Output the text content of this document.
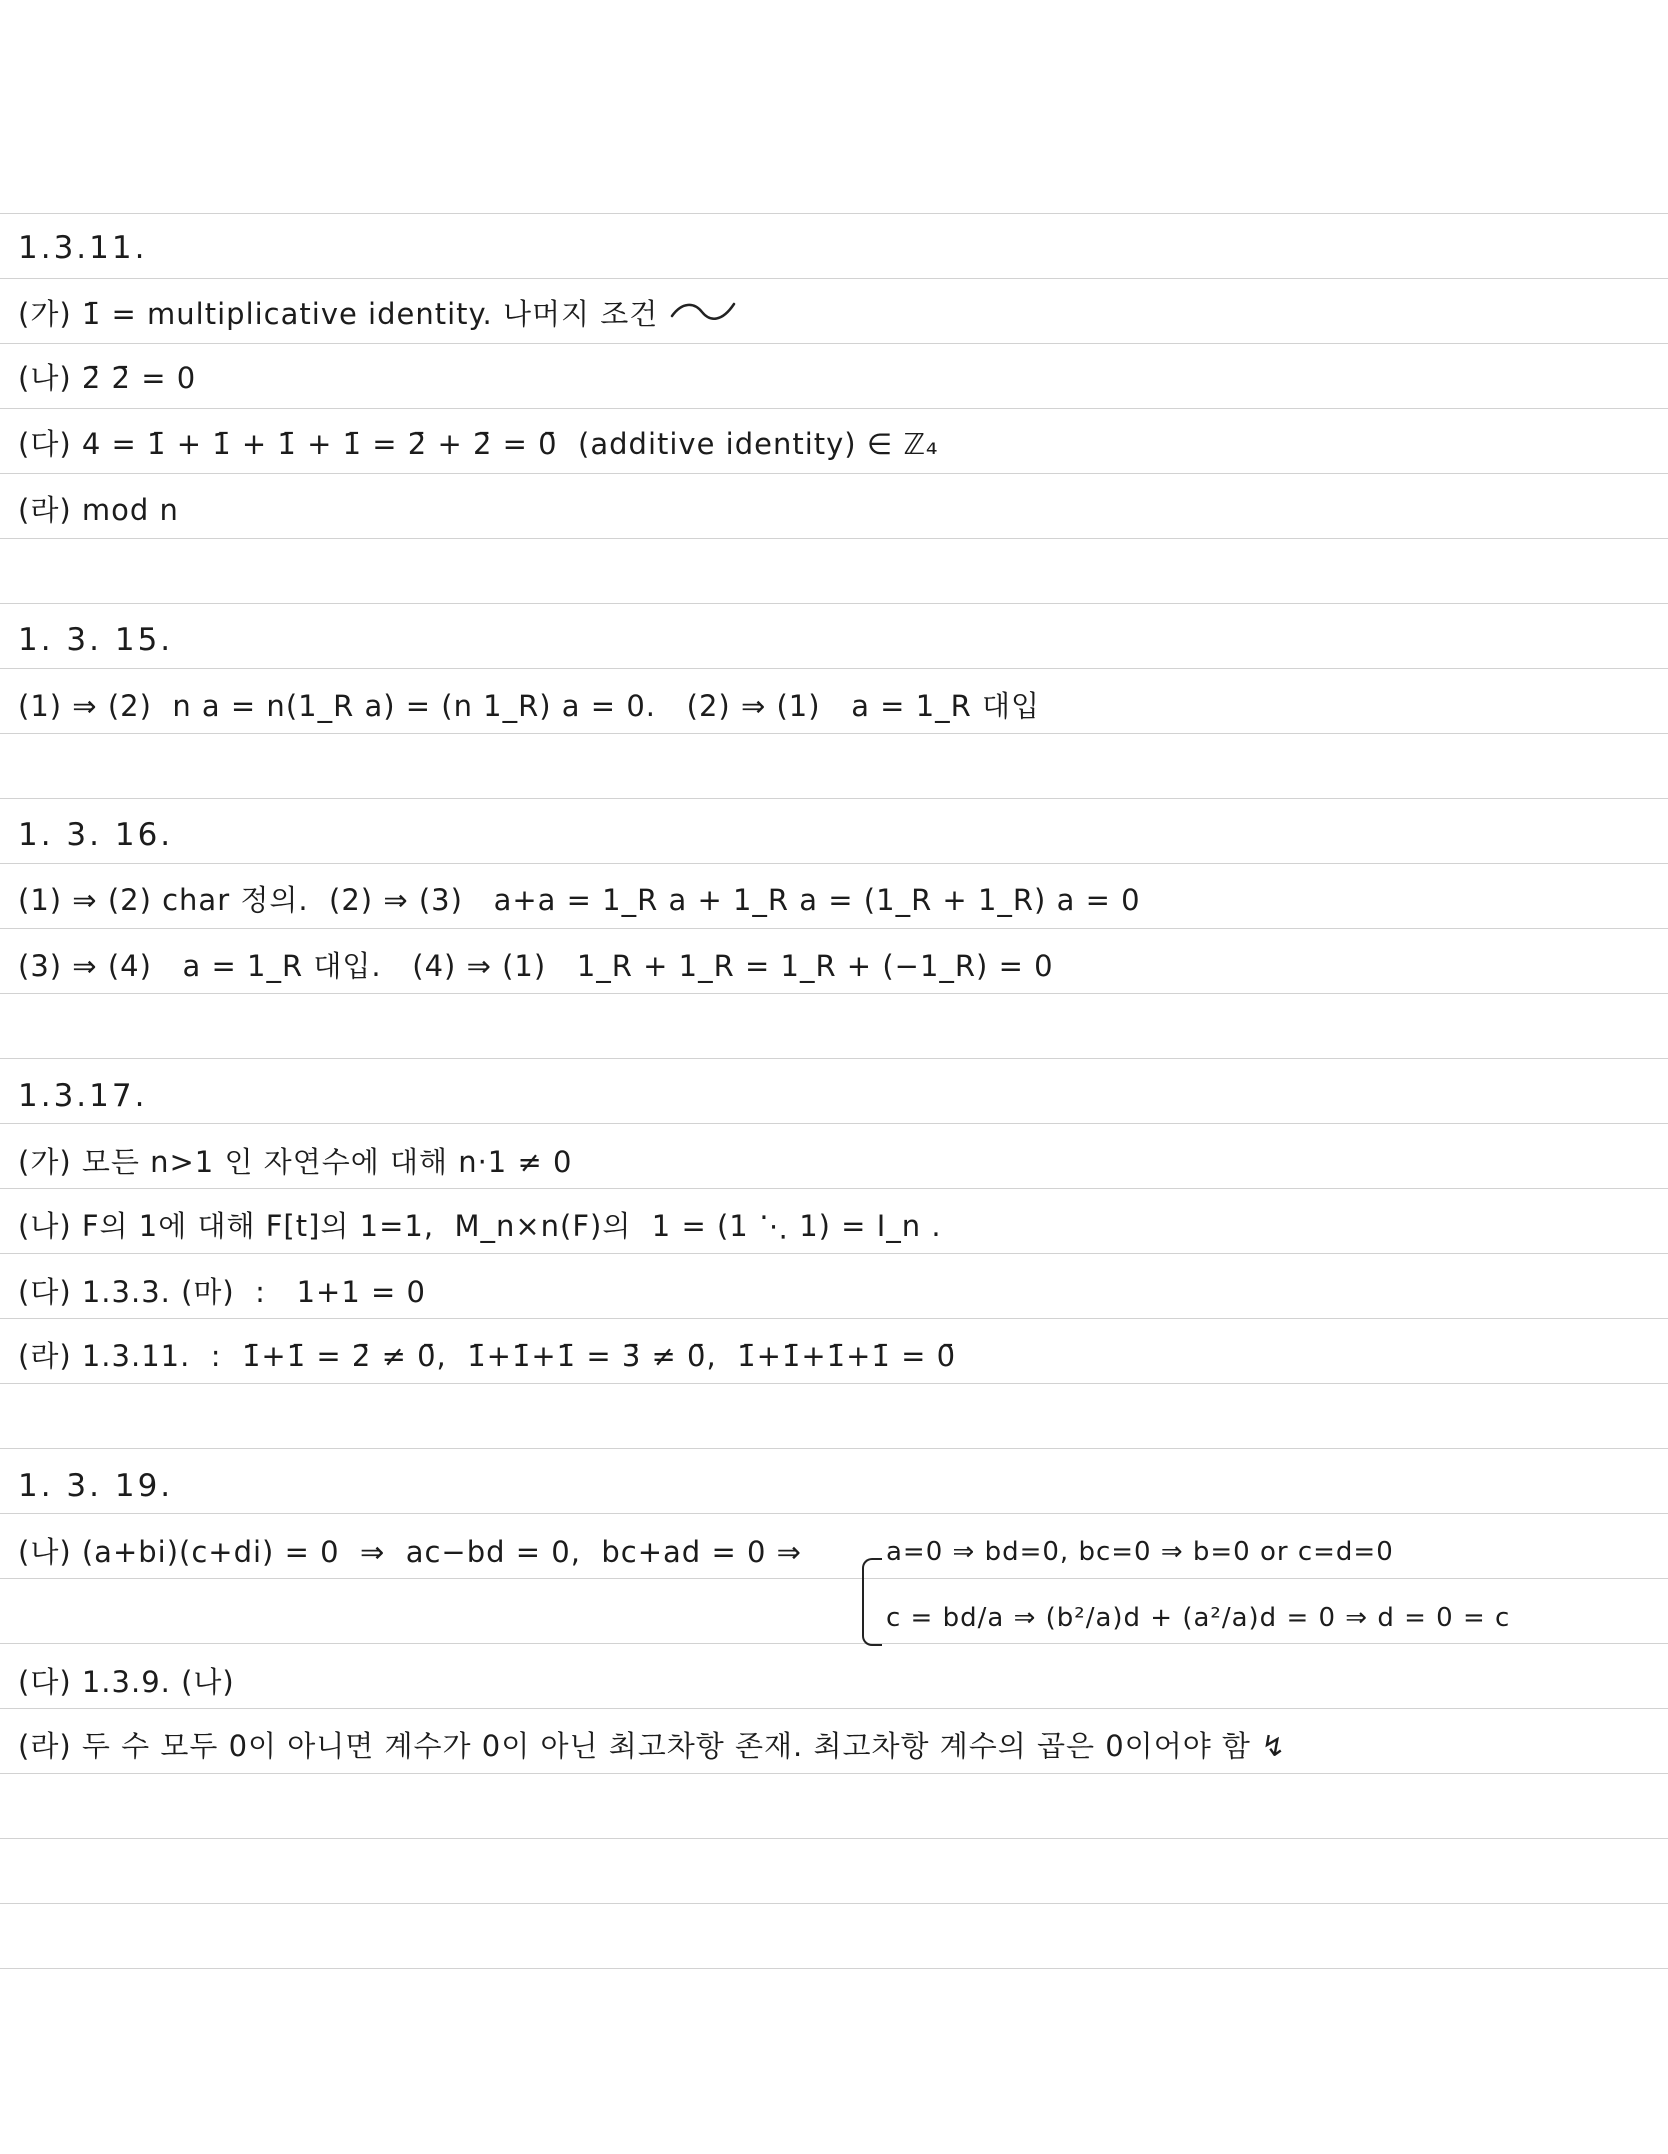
1.3.11.
(가) 1̄ = multiplicative identity. 나머지 조건
(나) 2̄ 2̄ = 0
(다) 4 = 1̄ + 1̄ + 1̄ + 1̄ = 2̄ + 2̄ = 0̄  (additive identity) ∈ ℤ₄
(라) mod n
1. 3. 15.
(1) ⇒ (2)  n a = n(1_R a) = (n 1_R) a = 0.   (2) ⇒ (1)   a = 1_R 대입
1. 3. 16.
(1) ⇒ (2) char 정의.  (2) ⇒ (3)   a+a = 1_R a + 1_R a = (1_R + 1_R) a = 0
(3) ⇒ (4)   a = 1_R 대입.   (4) ⇒ (1)   1_R + 1_R = 1_R + (−1_R) = 0
1.3.17.
(가) 모든 n>1 인 자연수에 대해 n·1 ≠ 0
(나) F의 1에 대해 F[t]의 1=1,  M_n×n(F)의  1 = (1 ⋱ 1) = I_n .
(다) 1.3.3. (마)  :   1+1 = 0
(라) 1.3.11.  :  1̄+1̄ = 2̄ ≠ 0̄,  1̄+1̄+1̄ = 3̄ ≠ 0̄,  1̄+1̄+1̄+1̄ = 0̄
1. 3. 19.
(나) (a+bi)(c+di) = 0  ⇒  ac−bd = 0,  bc+ad = 0 ⇒	a=0 ⇒ bd=0, bc=0 ⇒ b=0 or c=d=0
c = bd/a ⇒ (b²/a)d + (a²/a)d = 0 ⇒ d = 0 = c
(다) 1.3.9. (나)
(라) 두 수 모두 0이 아니면 계수가 0이 아닌 최고차항 존재. 최고차항 계수의 곱은 0이어야 함 ↯
